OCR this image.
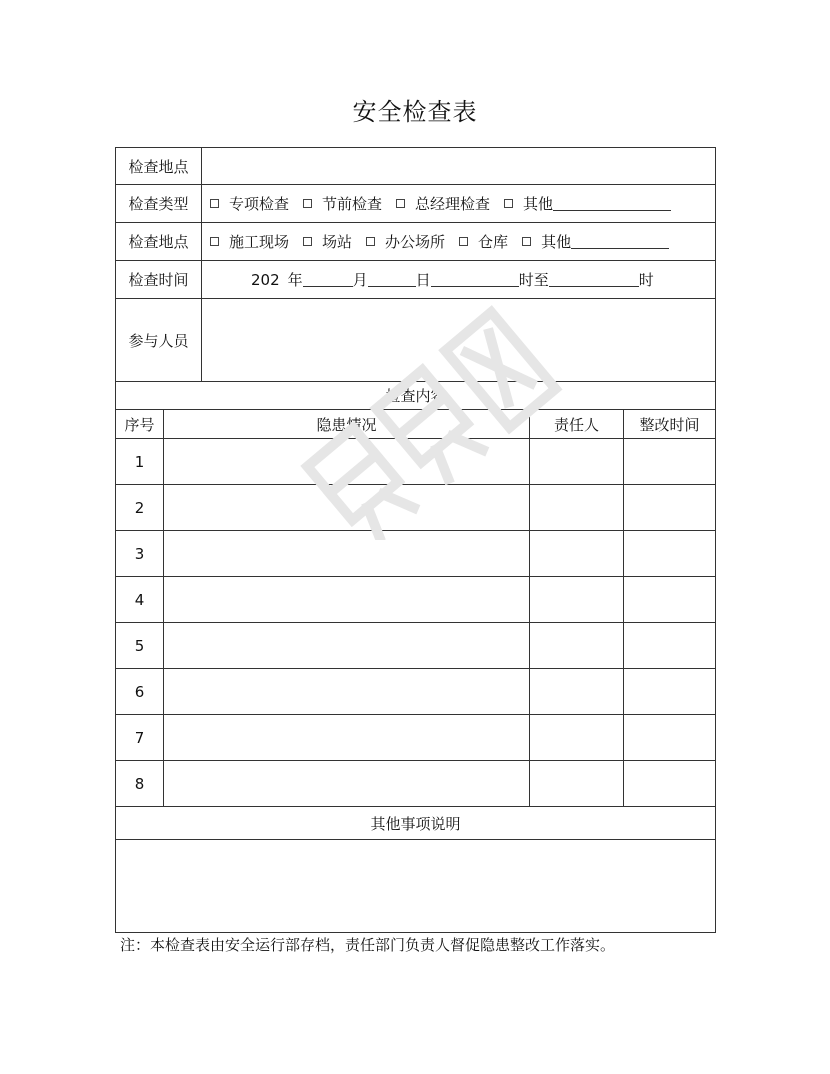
安全检查表
检查地点
检查类型	专项检查 节前检查 总经理检查 其他
检查地点	施工现场 场站 办公场所 仓库 其他
检查时间	202 年	月	日	时至	时
参与人员
检查内容
序号	隐患情况	责任人	整改时间
1
2
3
4
5
6
7
8
其他事项说明
注：本检查表由安全运行部存档，责任部门负责人督促隐患整改工作落实。
